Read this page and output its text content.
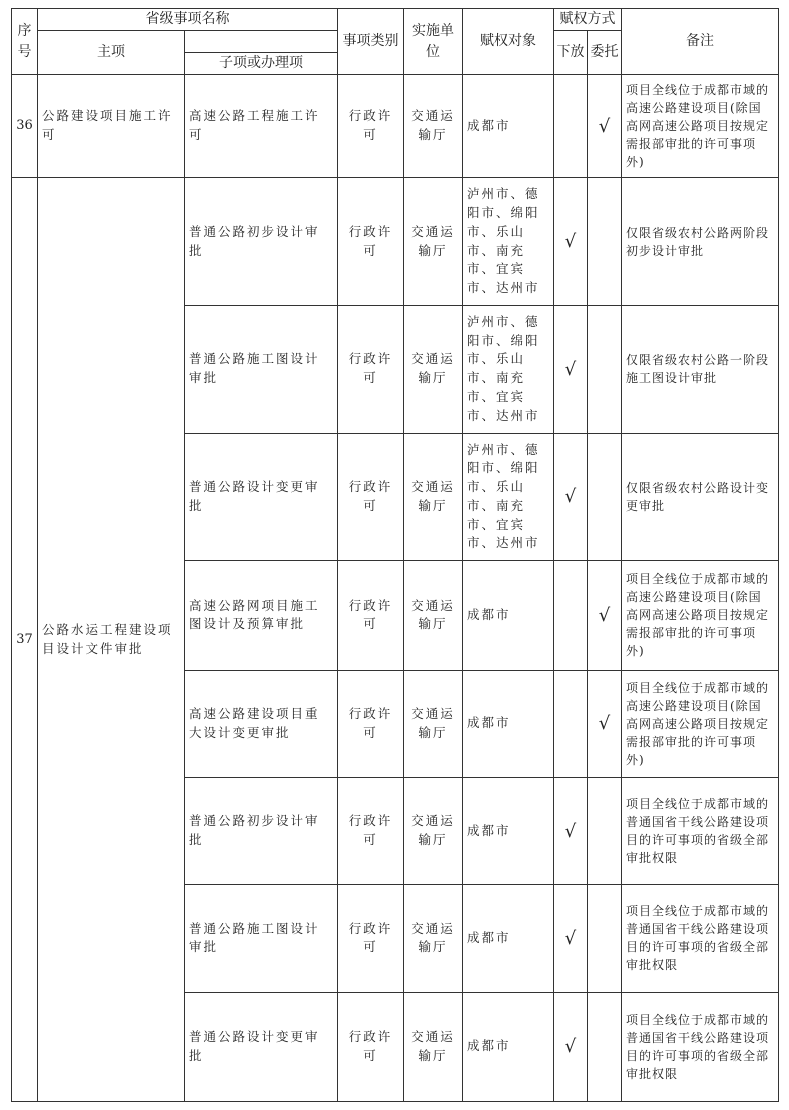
序号	省级事项名称		事项类别	实施单位	赋权对象	赋权方式		备注
	主项					下放	委托	
		子项或办理项						
36	公路建设项目施工许可	高速公路工程施工许可	行政许可	交通运输厅	成都市		√	项目全线位于成都市域的高速公路建设项目(除国高网高速公路项目按规定需报部审批的许可事项外)
37	公路水运工程建设项目设计文件审批	普通公路初步设计审批	行政许可	交通运输厅	泸州市、德阳市、绵阳市、乐山市、南充市、宜宾市、达州市	√		仅限省级农村公路两阶段初步设计审批
		普通公路施工图设计审批	行政许可	交通运输厅	泸州市、德阳市、绵阳市、乐山市、南充市、宜宾市、达州市	√		仅限省级农村公路一阶段施工图设计审批
		普通公路设计变更审批	行政许可	交通运输厅	泸州市、德阳市、绵阳市、乐山市、南充市、宜宾市、达州市	√		仅限省级农村公路设计变更审批
		高速公路网项目施工图设计及预算审批	行政许可	交通运输厅	成都市		√	项目全线位于成都市域的高速公路建设项目(除国高网高速公路项目按规定需报部审批的许可事项外)
		高速公路建设项目重大设计变更审批	行政许可	交通运输厅	成都市		√	项目全线位于成都市域的高速公路建设项目(除国高网高速公路项目按规定需报部审批的许可事项外)
		普通公路初步设计审批	行政许可	交通运输厅	成都市	√		项目全线位于成都市域的普通国省干线公路建设项目的许可事项的省级全部审批权限
		普通公路施工图设计审批	行政许可	交通运输厅	成都市	√		项目全线位于成都市域的普通国省干线公路建设项目的许可事项的省级全部审批权限
		普通公路设计变更审批	行政许可	交通运输厅	成都市	√		项目全线位于成都市域的普通国省干线公路建设项目的许可事项的省级全部审批权限
